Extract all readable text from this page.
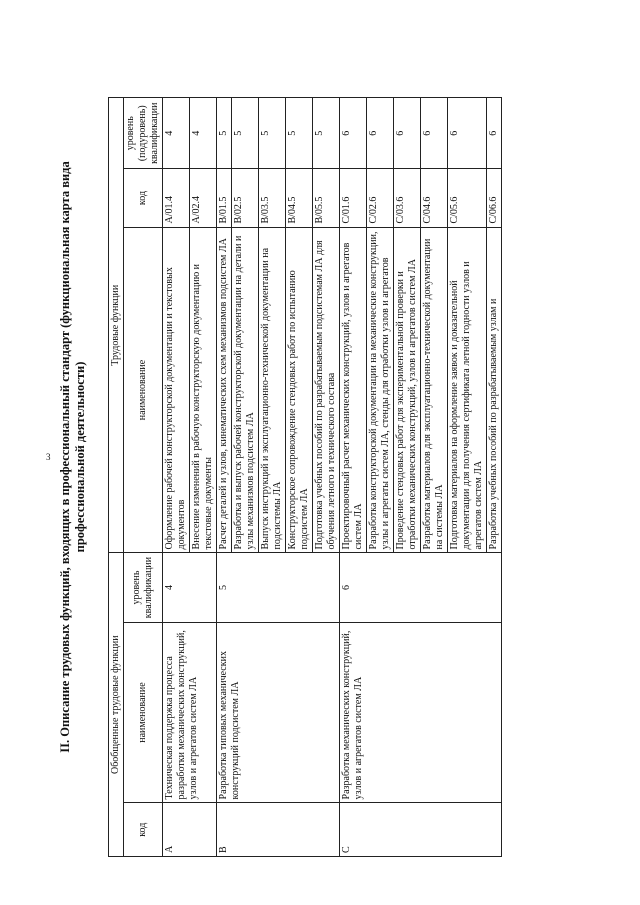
3 II. Описание трудовых функций, входящих в профессиональный стандарт (функциональная карта вида профессиональной деятельности)
Обобщенные трудовые функции			Трудовые функции		
код	наименование	уровень квалификации	наименование	код	уровень (подуровень) квалификации
A	Техническая поддержка процесса разработки механических конструкций, узлов и агрегатов систем ЛА	4	Оформление рабочей конструкторской документации и текстовых документов	A/01.4	4
			Внесение изменений в рабочую конструкторскую документацию и текстовые документы	A/02.4	4
B	Разработка типовых механических конструкций подсистем ЛА	5	Расчет деталей и узлов, кинематических схем механизмов подсистем ЛА	B/01.5	5
			Разработка и выпуск рабочей конструкторской документации на детали и узлы механизмов подсистем ЛА	B/02.5	5
			Выпуск инструкций и эксплуатационно-технической документации на подсистемы ЛА	B/03.5	5
			Конструкторское сопровождение стендовых работ по испытанию подсистем ЛА	B/04.5	5
			Подготовка учебных пособий по разрабатываемым подсистемам ЛА для обучения летного и технического состава	B/05.5	5
C	Разработка механических конструкций, узлов и агрегатов систем ЛА	6	Проектировочный расчет механических конструкций, узлов и агрегатов систем ЛА	C/01.6	6
			Разработка конструкторской документации на механические конструкции, узлы и агрегаты систем ЛА, стенды для отработки узлов и агрегатов	C/02.6	6
			Проведение стендовых работ для экспериментальной проверки и отработки механических конструкций, узлов и агрегатов систем ЛА	C/03.6	6
			Разработка материалов для эксплуатационно-технической документации на системы ЛА	C/04.6	6
			Подготовка материалов на оформление заявок и доказательной документации для получения сертификата летной годности узлов и агрегатов систем ЛА	C/05.6	6
			Разработка учебных пособий по разрабатываемым узлам и	C/06.6	6
